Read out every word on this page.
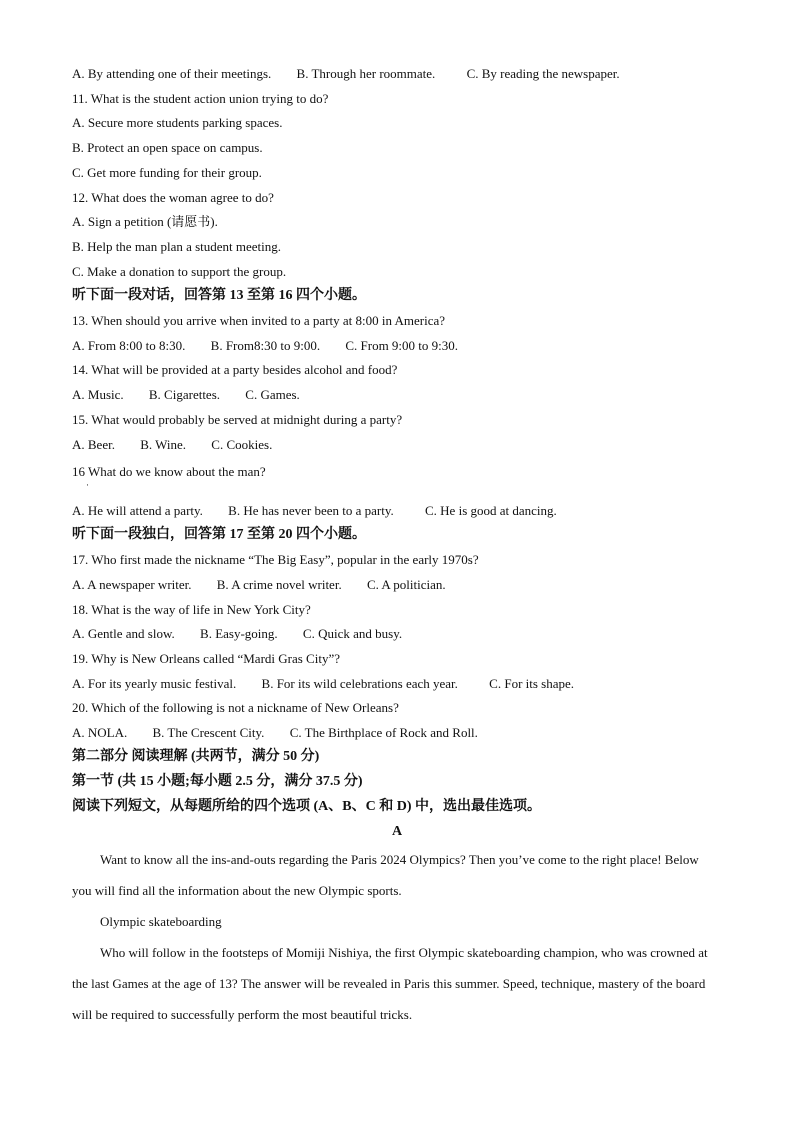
A. By attending one of their meetings. B. Through her roommate. C. By reading the newspaper.
11. What is the student action union trying to do?
A. Secure more students parking spaces.
B. Protect an open space on campus.
C. Get more funding for their group.
12. What does the woman agree to do?
A. Sign a petition (请愿书).
B. Help the man plan a student meeting.
C. Make a donation to support the group.
听下面一段对话，回答第 13 至第 16 四个小题。
13. When should you arrive when invited to a party at 8:00 in America?
A. From 8:00 to 8:30. B. From8:30 to 9:00. C. From 9:00 to 9:30.
14. What will be provided at a party besides alcohol and food?
A. Music. B. Cigarettes. C. Games.
15. What would probably be served at midnight during a party?
A. Beer. B. Wine. C. Cookies.
16 What do we know about the man?
·
A. He will attend a party. B. He has never been to a party. C. He is good at dancing.
听下面一段独白，回答第 17 至第 20 四个小题。
17. Who first made the nickname “The Big Easy”, popular in the early 1970s?
A. A newspaper writer. B. A crime novel writer. C. A politician.
18. What is the way of life in New York City?
A. Gentle and slow. B. Easy-going. C. Quick and busy.
19. Why is New Orleans called “Mardi Gras City”?
A. For its yearly music festival. B. For its wild celebrations each year. C. For its shape.
20. Which of the following is not a nickname of New Orleans?
A. NOLA. B. The Crescent City. C. The Birthplace of Rock and Roll.
第二部分 阅读理解 (共两节，满分 50 分)
第一节 (共 15 小题;每小题 2.5 分，满分 37.5 分)
阅读下列短文，从每题所给的四个选项 (A、B、C 和 D) 中，选出最佳选项。
A
Want to know all the ins-and-outs regarding the Paris 2024 Olympics? Then you’ve come to the right place! Below you will find all the information about the new Olympic sports.
Olympic skateboarding
Who will follow in the footsteps of Momiji Nishiya, the first Olympic skateboarding champion, who was crowned at the last Games at the age of 13? The answer will be revealed in Paris this summer. Speed, technique, mastery of the board will be required to successfully perform the most beautiful tricks.
